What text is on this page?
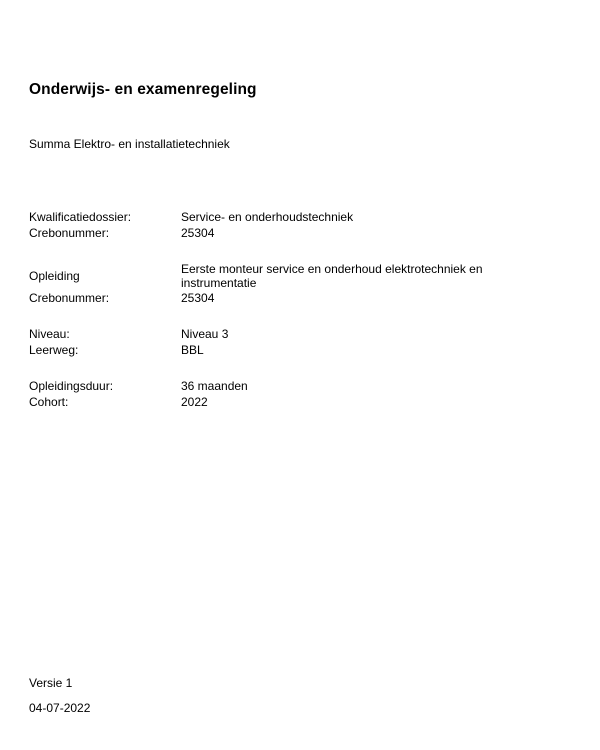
Onderwijs- en examenregeling

Summa Elektro- en installatietechniek

Kwalificatiedossier:	Service- en onderhoudstechniek
Crebonummer:	25304
Opleiding	Eerste monteur service en onderhoud elektrotechniek en instrumentatie
Crebonummer:	25304
Niveau:	Niveau 3
Leerweg:	BBL
Opleidingsduur:	36 maanden
Cohort:	2022

Versie 1

04-07-2022
